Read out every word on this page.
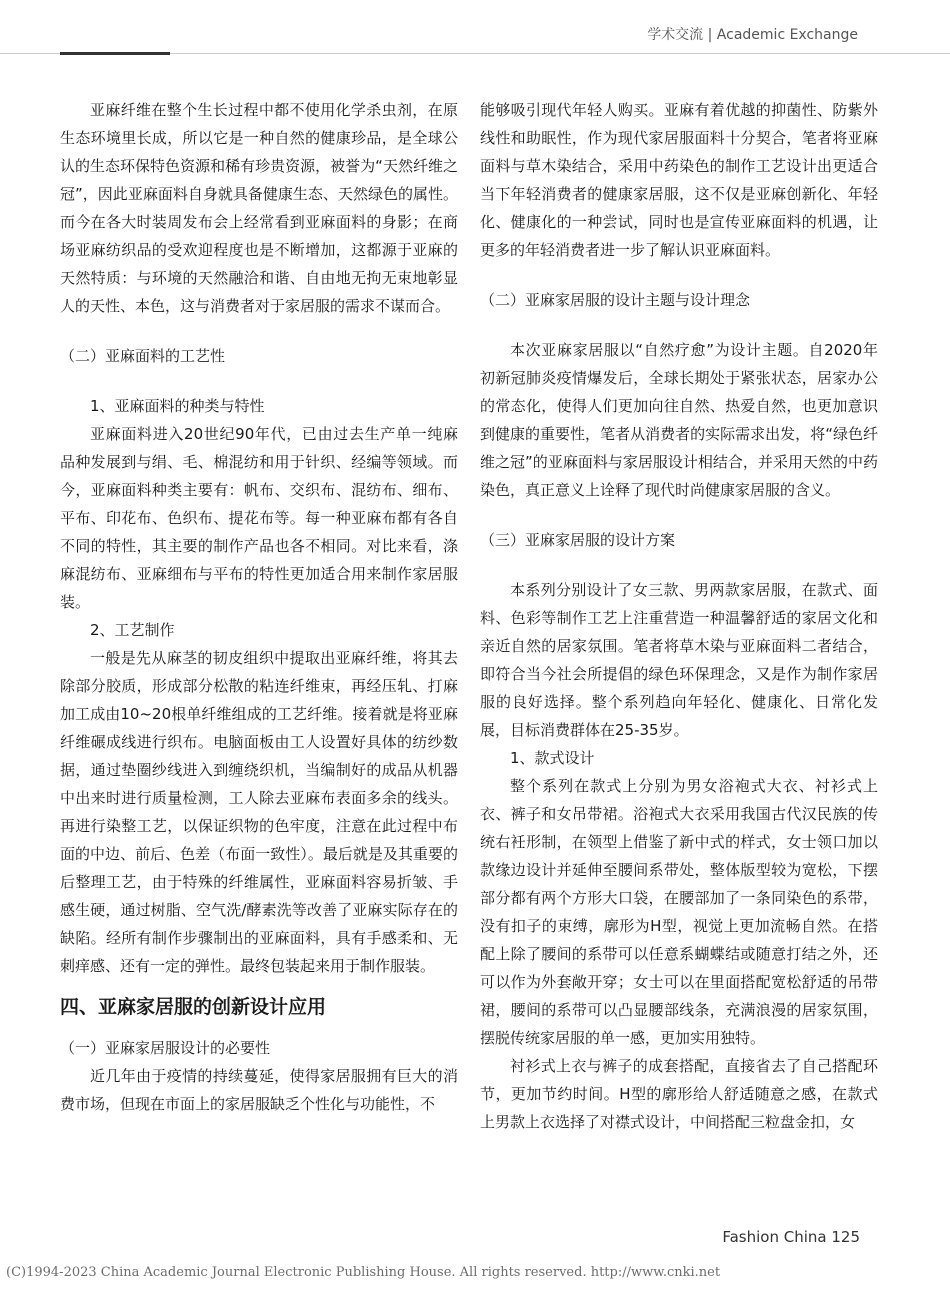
学术交流 | Academic Exchange

亚麻纤维在整个生长过程中都不使用化学杀虫剂，在原生态环境里长成，所以它是一种自然的健康珍品，是全球公认的生态环保特色资源和稀有珍贵资源，被誉为“天然纤维之冠”，因此亚麻面料自身就具备健康生态、天然绿色的属性。而今在各大时装周发布会上经常看到亚麻面料的身影；在商场亚麻纺织品的受欢迎程度也是不断增加，这都源于亚麻的天然特质：与环境的天然融洽和谐、自由地无拘无束地彰显人的天性、本色，这与消费者对于家居服的需求不谋而合。

（二）亚麻面料的工艺性
1、亚麻面料的种类与特性

亚麻面料进入20世纪90年代，已由过去生产单一纯麻品种发展到与绢、毛、棉混纺和用于针织、经编等领域。而今，亚麻面料种类主要有：帆布、交织布、混纺布、细布、平布、印花布、色织布、提花布等。每一种亚麻布都有各自不同的特性，其主要的制作产品也各不相同。对比来看，涤麻混纺布、亚麻细布与平布的特性更加适合用来制作家居服装。

2、工艺制作

一般是先从麻茎的韧皮组织中提取出亚麻纤维，将其去除部分胶质，形成部分松散的粘连纤维束，再经压轧、打麻加工成由10~20根单纤维组成的工艺纤维。接着就是将亚麻纤维碾成线进行织布。电脑面板由工人设置好具体的纺纱数据，通过垫圈纱线进入到缠绕织机，当编制好的成品从机器中出来时进行质量检测，工人除去亚麻布表面多余的线头。再进行染整工艺，以保证织物的色牢度，注意在此过程中布面的中边、前后、色差（布面一致性）。最后就是及其重要的后整理工艺，由于特殊的纤维属性，亚麻面料容易折皱、手感生硬，通过树脂、空气洗/酵素洗等改善了亚麻实际存在的缺陷。经所有制作步骤制出的亚麻面料，具有手感柔和、无刺痒感、还有一定的弹性。最终包装起来用于制作服装。

四、亚麻家居服的创新设计应用
（一）亚麻家居服设计的必要性

近几年由于疫情的持续蔓延，使得家居服拥有巨大的消费市场，但现在市面上的家居服缺乏个性化与功能性，不

能够吸引现代年轻人购买。亚麻有着优越的抑菌性、防紫外线性和助眠性，作为现代家居服面料十分契合，笔者将亚麻面料与草木染结合，采用中药染色的制作工艺设计出更适合当下年轻消费者的健康家居服，这不仅是亚麻创新化、年轻化、健康化的一种尝试，同时也是宣传亚麻面料的机遇，让更多的年轻消费者进一步了解认识亚麻面料。

（二）亚麻家居服的设计主题与设计理念

本次亚麻家居服以“自然疗愈”为设计主题。自2020年初新冠肺炎疫情爆发后，全球长期处于紧张状态，居家办公的常态化，使得人们更加向往自然、热爱自然，也更加意识到健康的重要性，笔者从消费者的实际需求出发，将“绿色纤维之冠”的亚麻面料与家居服设计相结合，并采用天然的中药染色，真正意义上诠释了现代时尚健康家居服的含义。

（三）亚麻家居服的设计方案

本系列分别设计了女三款、男两款家居服，在款式、面料、色彩等制作工艺上注重营造一种温馨舒适的家居文化和亲近自然的居家氛围。笔者将草木染与亚麻面料二者结合，即符合当今社会所提倡的绿色环保理念，又是作为制作家居服的良好选择。整个系列趋向年轻化、健康化、日常化发展，目标消费群体在25-35岁。

1、款式设计

整个系列在款式上分别为男女浴袍式大衣、衬衫式上衣、裤子和女吊带裙。浴袍式大衣采用我国古代汉民族的传统右衽形制，在领型上借鉴了新中式的样式，女士领口加以款缘边设计并延伸至腰间系带处，整体版型较为宽松，下摆部分都有两个方形大口袋，在腰部加了一条同染色的系带，没有扣子的束缚，廓形为H型，视觉上更加流畅自然。在搭配上除了腰间的系带可以任意系蝴蝶结或随意打结之外，还可以作为外套敞开穿；女士可以在里面搭配宽松舒适的吊带裙，腰间的系带可以凸显腰部线条，充满浪漫的居家氛围，摆脱传统家居服的单一感，更加实用独特。

衬衫式上衣与裤子的成套搭配，直接省去了自己搭配环节，更加节约时间。H型的廓形给人舒适随意之感，在款式上男款上衣选择了对襟式设计，中间搭配三粒盘金扣，女

Fashion China 125
(C)1994-2023 China Academic Journal Electronic Publishing House. All rights reserved. http://www.cnki.net
